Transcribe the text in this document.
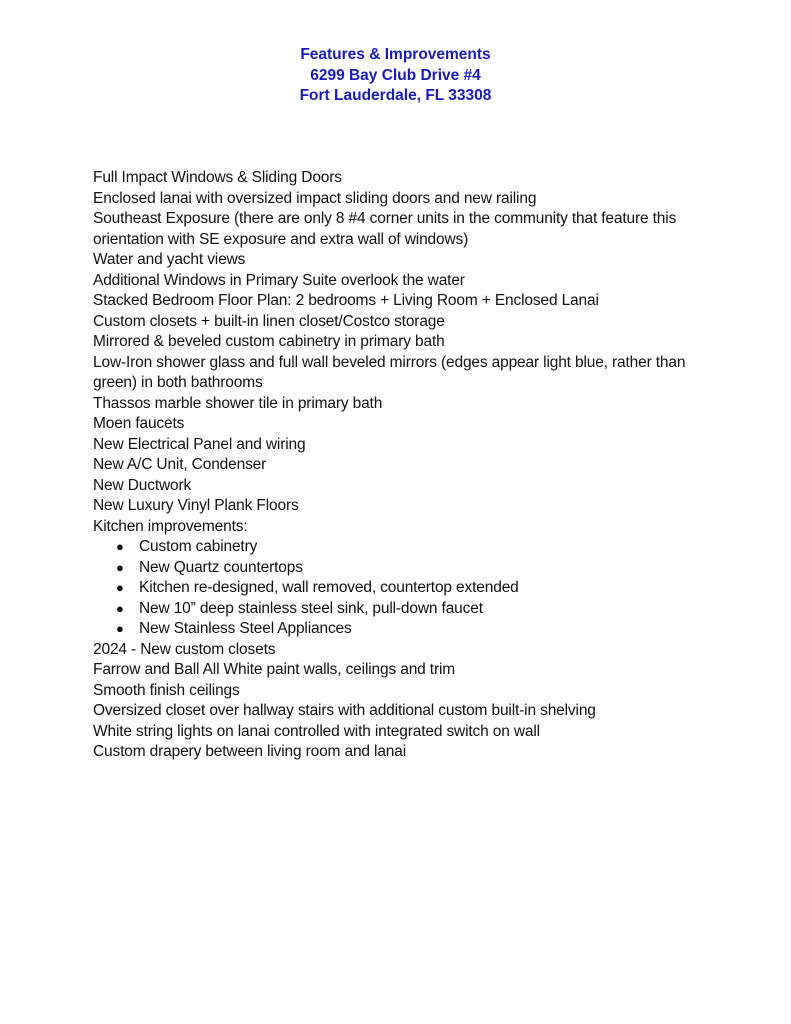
Features & Improvements
6299 Bay Club Drive #4
Fort Lauderdale, FL 33308
Full Impact Windows & Sliding Doors
Enclosed lanai with oversized impact sliding doors and new railing
Southeast Exposure (there are only 8 #4 corner units in the community that feature this orientation with SE exposure and extra wall of windows)
Water and yacht views
Additional Windows in Primary Suite overlook the water
Stacked Bedroom Floor Plan: 2 bedrooms + Living Room + Enclosed Lanai
Custom closets + built-in linen closet/Costco storage
Mirrored & beveled custom cabinetry in primary bath
Low-Iron shower glass and full wall beveled mirrors (edges appear light blue, rather than green) in both bathrooms
Thassos marble shower tile in primary bath
Moen faucets
New Electrical Panel and wiring
New A/C Unit, Condenser
New Ductwork
New Luxury Vinyl Plank Floors
Kitchen improvements:
● Custom cabinetry
● New Quartz countertops
● Kitchen re-designed, wall removed, countertop extended
● New 10” deep stainless steel sink, pull-down faucet
● New Stainless Steel Appliances
2024 - New custom closets
Farrow and Ball All White paint walls, ceilings and trim
Smooth finish ceilings
Oversized closet over hallway stairs with additional custom built-in shelving
White string lights on lanai controlled with integrated switch on wall
Custom drapery between living room and lanai
